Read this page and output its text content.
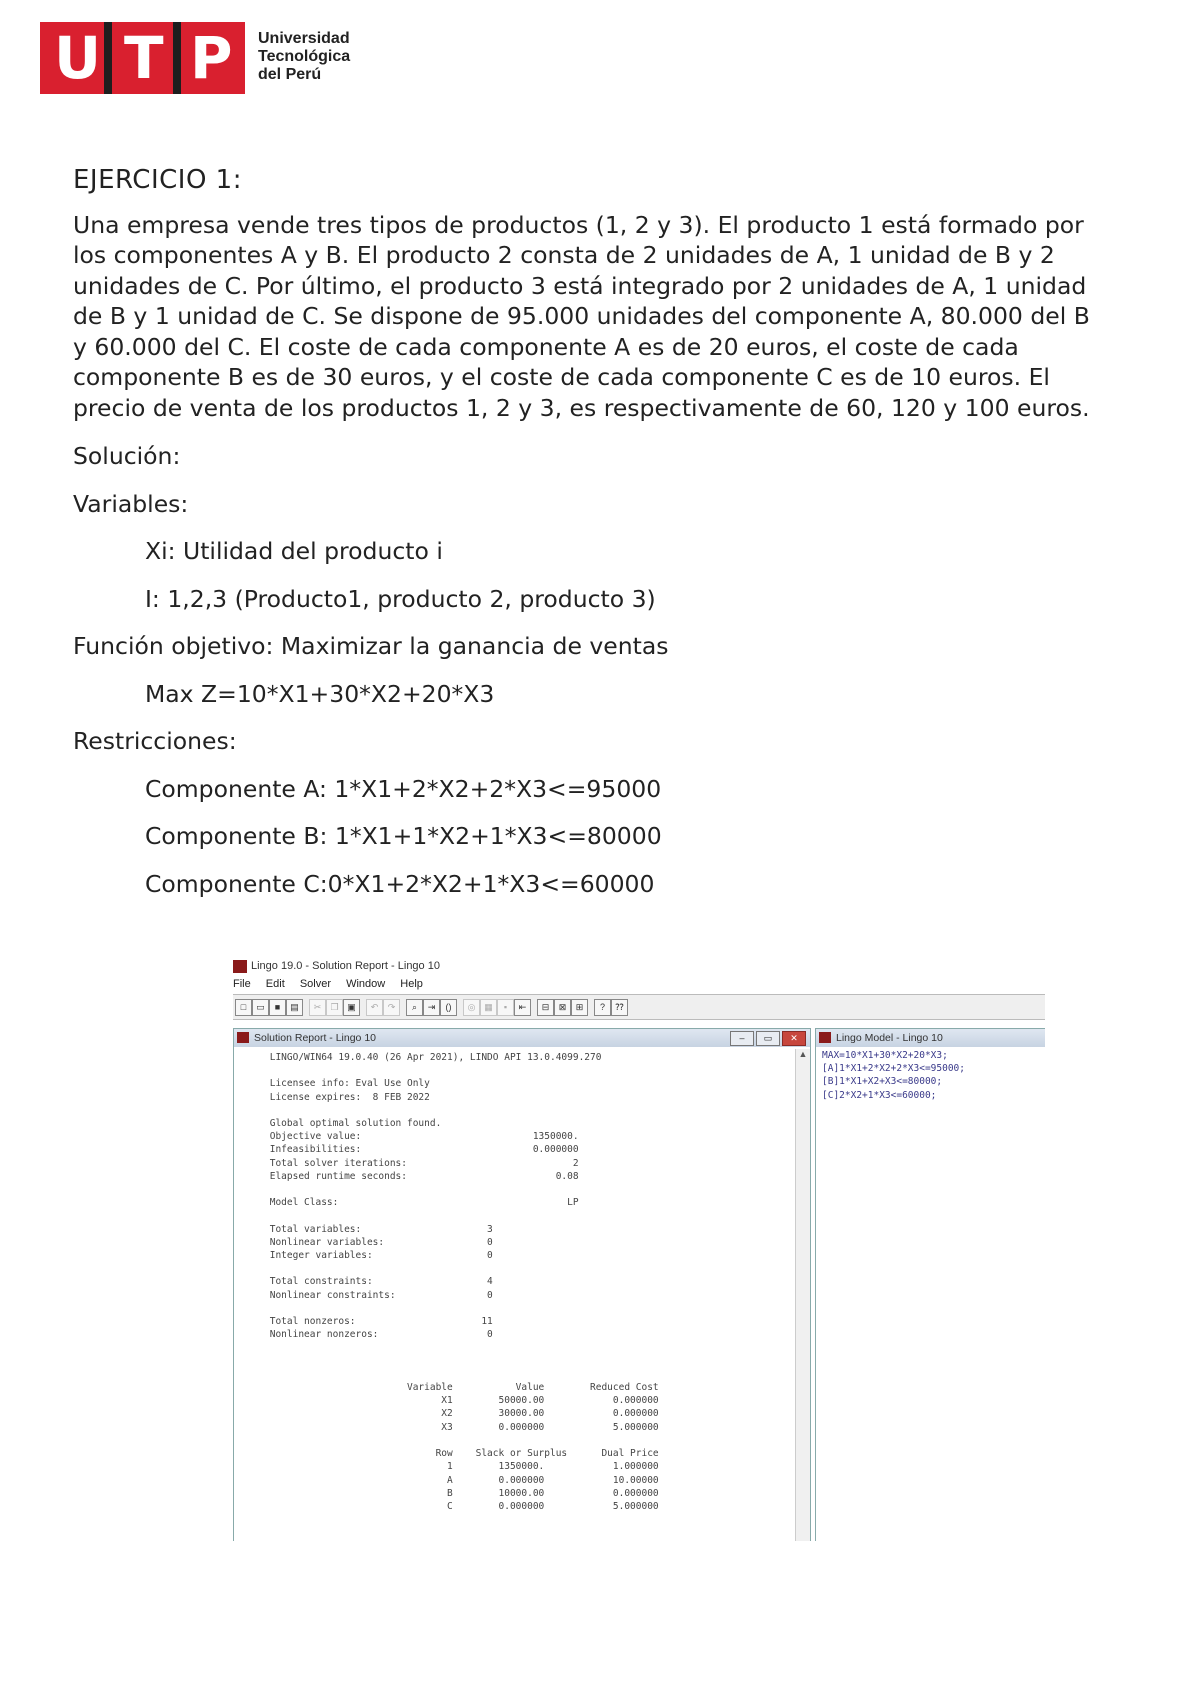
U T P Universidad
Tecnológica
del Perú
EJERCICIO 1:
Una empresa vende tres tipos de productos (1, 2 y 3). El producto 1 está formado por
los componentes A y B. El producto 2 consta de 2 unidades de A, 1 unidad de B y 2
unidades de C. Por último, el producto 3 está integrado por 2 unidades de A, 1 unidad
de B y 1 unidad de C. Se dispone de 95.000 unidades del componente A, 80.000 del B
y 60.000 del C. El coste de cada componente A es de 20 euros, el coste de cada
componente B es de 30 euros, y el coste de cada componente C es de 10 euros. El
precio de venta de los productos 1, 2 y 3, es respectivamente de 60, 120 y 100 euros.
Solución:
Variables:
Xi: Utilidad del producto i
I: 1,2,3 (Producto1, producto 2, producto 3)
Función objetivo: Maximizar la ganancia de ventas
Max Z=10*X1+30*X2+20*X3
Restricciones:
Componente A: 1*X1+2*X2+2*X3<=95000
Componente B: 1*X1+1*X2+1*X3<=80000
Componente C:0*X1+2*X2+1*X3<=60000
Lingo 19.0 - Solution Report - Lingo 10
File Edit Solver Window Help
□	▭	■	▤	✂	❐ ▣	↶	↷	⌕	⇥	()	◎ ▦	▪	⇤	⊟	⊠	⊞	?	⁇
Solution Report - Lingo 10	–	▭	✕
LINGO/WIN64 19.0.40 (26 Apr 2021), LINDO API 13.0.4099.270

Licensee info: Eval Use Only
License expires:  8 FEB 2022

Global optimal solution found.
Objective value:                              1350000.
Infeasibilities:                              0.000000
Total solver iterations:                             2
Elapsed runtime seconds:                          0.08

Model Class:                                        LP

Total variables:                      3
Nonlinear variables:                  0
Integer variables:                    0

Total constraints:                    4
Nonlinear constraints:                0

Total nonzeros:                      11
Nonlinear nonzeros:                   0

Variable           Value        Reduced Cost
X1        50000.00            0.000000
X2        30000.00            0.000000
X3        0.000000            5.000000

Row    Slack or Surplus      Dual Price
1        1350000.            1.000000
A        0.000000            10.00000
B        10000.00            0.000000
C        0.000000            5.000000
▲
Lingo Model - Lingo 10
MAX=10*X1+30*X2+20*X3;
[A]1*X1+2*X2+2*X3<=95000;
[B]1*X1+X2+X3<=80000;
[C]2*X2+1*X3<=60000;
